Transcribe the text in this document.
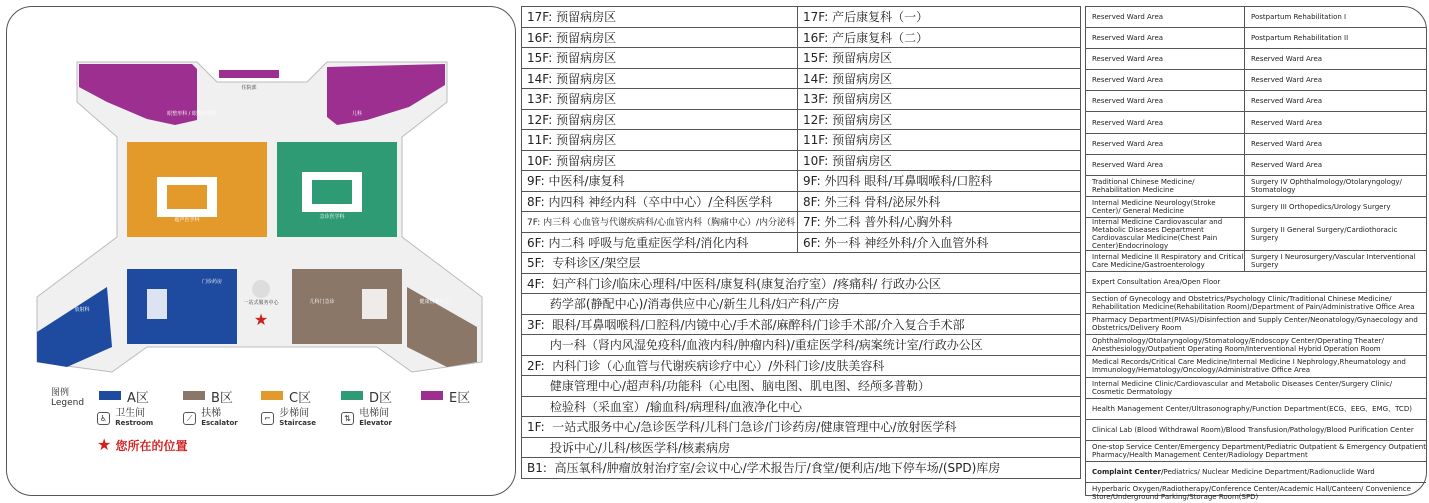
★
眼整形科 / 眼整形外科
住院部
儿科
超声医学科	急诊医学科
门诊药房
放射科
一站式服务中心	儿科门急诊	健康管理中心
图例
Legend	A区	B区	C区	D区	E区
♿ 卫生间
Restroom	⟋ 扶梯
Escalator	⌐ 步梯间
Staircase	⇅ 电梯间
Elevator
★ 您所在的位置
17F: 预留病房区	17F: 产后康复科（一）
16F: 预留病房区	16F: 产后康复科（二）
15F: 预留病房区	15F: 预留病房区
14F: 预留病房区	14F: 预留病房区
13F: 预留病房区	13F: 预留病房区
12F: 预留病房区	12F: 预留病房区
11F: 预留病房区	11F: 预留病房区
10F: 预留病房区	10F: 预留病房区
9F: 中医科/康复科	9F: 外四科 眼科/耳鼻咽喉科/口腔科
8F: 内四科 神经内科（卒中中心）/全科医学科	8F: 外三科 骨科/泌尿外科
7F: 内三科 心血管与代谢疾病科/心血管内科（胸痛中心）/内分泌科	7F: 外二科 普外科/心胸外科
6F: 内二科 呼吸与危重症医学科/消化内科	6F: 外一科 神经外科/介入血管外科
5F:  专科诊区/架空层	
4F:  妇产科门诊/临床心理科/中医科/康复科(康复治疗室）/疼痛科/ 行政办公区	
药学部(静配中心)/消毒供应中心/新生儿科/妇产科/产房	
3F:  眼科/耳鼻咽喉科/口腔科/内镜中心/手术部/麻醉科/门诊手术部/介入复合手术部	
内一科（肾内风湿免疫科/血液内科/肿瘤内科)/重症医学科/病案统计室/行政办公区	
2F:  内科门诊（心血管与代谢疾病诊疗中心）/外科门诊/皮肤美容科	
健康管理中心/超声科/功能科（心电图、脑电图、肌电图、经颅多普勒）	
检验科（采血室）/输血科/病理科/血液净化中心	
1F:  一站式服务中心/急诊医学科/儿科门急诊/门诊药房/健康管理中心/放射医学科	
投诉中心/儿科/核医学科/核素病房	
B1:  高压氧科/肿瘤放射治疗室/会议中心/学术报告厅/食堂/便利店/地下停车场/(SPD)库房	
Reserved Ward Area	Postpartum Rehabilitation I
Reserved Ward Area	Postpartum Rehabilitation II
Reserved Ward Area	Reserved Ward Area
Reserved Ward Area	Reserved Ward Area
Reserved Ward Area	Reserved Ward Area
Reserved Ward Area	Reserved Ward Area
Reserved Ward Area	Reserved Ward Area
Reserved Ward Area	Reserved Ward Area
Traditional Chinese Medicine/ Rehabilitation Medicine	Surgery IV Ophthalmology/Otolaryngology/ Stomatology
Internal Medicine Neurology(Stroke Center)/ General Medicine	Surgery III Orthopedics/Urology Surgery
Internal Medicine Cardiovascular and Metabolic Diseases Department Cardiovascular Medicine(Chest Pain Center)Endocrinology	Surgery II General Surgery/Cardiothoracic Surgery
Internal Medicine II Respiratory and Critical Care Medicine/Gastroenterology	Surgery I Neurosurgery/Vascular Interventional Surgery
Expert Consultation Area/Open Floor	
Section of Gynecology and Obstetrics/Psychology Clinic/Traditional Chinese Medicine/ Rehabilitation Medicine(Rehabilitation Room)/Department of Pain/Administrative Office Area	
Pharmacy Department(PIVAS)/Disinfection and Supply Center/Neonatology/Gynaecology and Obstetrics/Delivery Room	
Ophthalmology/Otolaryngology/Stomatology/Endoscopy Center/Operating Theater/ Anesthesiology/Outpatient Operating Room/Interventional Hybrid Operation Room	
Medical Records/Critical Care Medicine/Internal Medicine I Nephrology,Rheumatology and Immunology/Hematology/Oncology/Administrative Office Area	
Internal Medicine Clinic/Cardiovascular and Metabolic Diseases Center/Surgery Clinic/ Cosmetic Dermatology	
Health Management Center/Ultrasonography/Function Department(ECG、EEG、EMG、TCD)	
Clinical Lab (Blood Withdrawal Room)/Blood Transfusion/Pathology/Blood Purification Center	
One-stop Service Center/Emergency Department/Pediatric Outpatient & Emergency Outpatient Pharmacy/Health Management Center/Radiology Department	
Complaint Center/Pediatrics/ Nuclear Medicine Department/Radionuclide Ward	
Hyperbaric Oxygen/Radiotherapy/Conference Center/Academic Hall/Canteen/ Convenience Store/Underground Parking/Storage Room(SPD)	
